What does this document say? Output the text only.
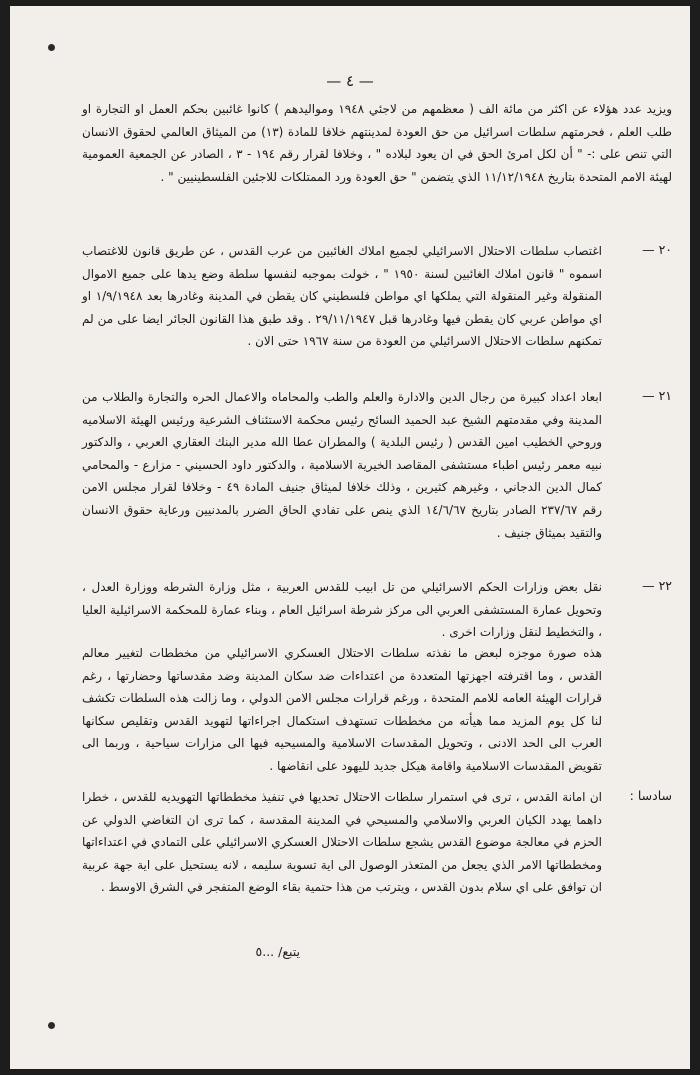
— ٤ —
ويزيد عدد هؤلاء عن اكثر من مائة الف ( معظمهم من لاجئي ١٩٤٨ ومواليدهم ) كانوا غائبين بحكم العمل او التجارة او طلب العلم ، فحرمتهم سلطات اسرائيل من حق العودة لمدينتهم خلافا للمادة (١٣) من الميثاق العالمي لحقوق الانسان التي تنص على :- " أن لكل امرئ الحق في ان يعود لبلاده " ، وخلافا لقرار رقم ١٩٤ - ٣ ، الصادر عن الجمعية العمومية لهيئة الامم المتحدة بتاريخ ١١/١٢/١٩٤٨ الذي يتضمن " حق العودة ورد الممتلكات للاجئين الفلسطينيين " .
٢٠ —
اغتصاب سلطات الاحتلال الاسرائيلي لجميع املاك الغائبين من عرب القدس ، عن طريق قانون للاغتصاب اسموه " قانون املاك الغائبين لسنة ١٩٥٠ " ، خولت بموجبه لنفسها سلطة وضع يدها على جميع الاموال المنقولة وغير المنقولة التي يملكها اي مواطن فلسطيني كان يقطن في المدينة وغادرها بعد ١/٩/١٩٤٨ او اي مواطن عربي كان يقطن فيها وغادرها قبل ٢٩/١١/١٩٤٧ . وقد طبق هذا القانون الجائر ايضا على من لم تمكنهم سلطات الاحتلال الاسرائيلي من العودة من سنة ١٩٦٧ حتى الان .
٢١ —
ابعاد اعداد كبيرة من رجال الدين والادارة والعلم والطب والمحاماه والاعمال الحره والتجارة والطلاب من المدينة وفي مقدمتهم الشيخ عبد الحميد السائح رئيس محكمة الاستئناف الشرعية ورئيس الهيئة الاسلاميه وروحي الخطيب امين القدس ( رئيس البلدية ) والمطران عطا الله مدير البنك العقاري العربي ، والدكتور نبيه معمر رئيس اطباء مستشفى المقاصد الخيرية الاسلامية ، والدكتور داود الحسيني - مزارع - والمحامي كمال الدين الدجاني ، وغيرهم كثيرين ، وذلك خلافا لميثاق جنيف المادة ٤٩ - وخلافا لقرار مجلس الامن رقم ٢٣٧/٦٧ الصادر بتاريخ ١٤/٦/٦٧ الذي ينص على تفادي الحاق الضرر بالمدنيين ورعاية حقوق الانسان والتقيد بميثاق جنيف .
٢٢ —
نقل بعض وزارات الحكم الاسرائيلي من تل ابيب للقدس العربية ، مثل وزارة الشرطه ووزارة العدل ، وتحويل عمارة المستشفى العربي الى مركز شرطة اسرائيل العام ، وبناء عمارة للمحكمة الاسرائيلية العليا ، والتخطيط لنقل وزارات اخرى .
هذه صورة موجزه لبعض ما نفذته سلطات الاحتلال العسكري الاسرائيلي من مخططات لتغيير معالم القدس ، وما اقترفته اجهزتها المتعددة من اعتداءات ضد سكان المدينة وضد مقدساتها وحضارتها ، رغم قرارات الهيئة العامه للامم المتحدة ، ورغم قرارات مجلس الامن الدولي ، وما زالت هذه السلطات تكشف لنا كل يوم المزيد مما هيأته من مخططات تستهدف استكمال اجراءاتها لتهويد القدس وتقليص سكانها العرب الى الحد الادنى ، وتحويل المقدسات الاسلامية والمسيحيه فيها الى مزارات سياحية ، وربما الى تقويض المقدسات الاسلامية واقامة هيكل جديد لليهود على انقاضها .
سادسا :
ان امانة القدس ، ترى في استمرار سلطات الاحتلال تحديها في تنفيذ مخططاتها التهويديه للقدس ، خطرا داهما يهدد الكيان العربي والاسلامي والمسيحي في المدينة المقدسة ، كما ترى ان التغاضي الدولي عن الحزم في معالجة موضوع القدس يشجع سلطات الاحتلال العسكري الاسرائيلي على التمادي في اعتداءاتها ومخططاتها الامر الذي يجعل من المتعذر الوصول الى اية تسوية سليمه ، لانه يستحيل على اية جهة عربية ان توافق على اي سلام بدون القدس ، ويترتب من هذا حتمية بقاء الوضع المتفجر في الشرق الاوسط .
يتبع/ ...٥
